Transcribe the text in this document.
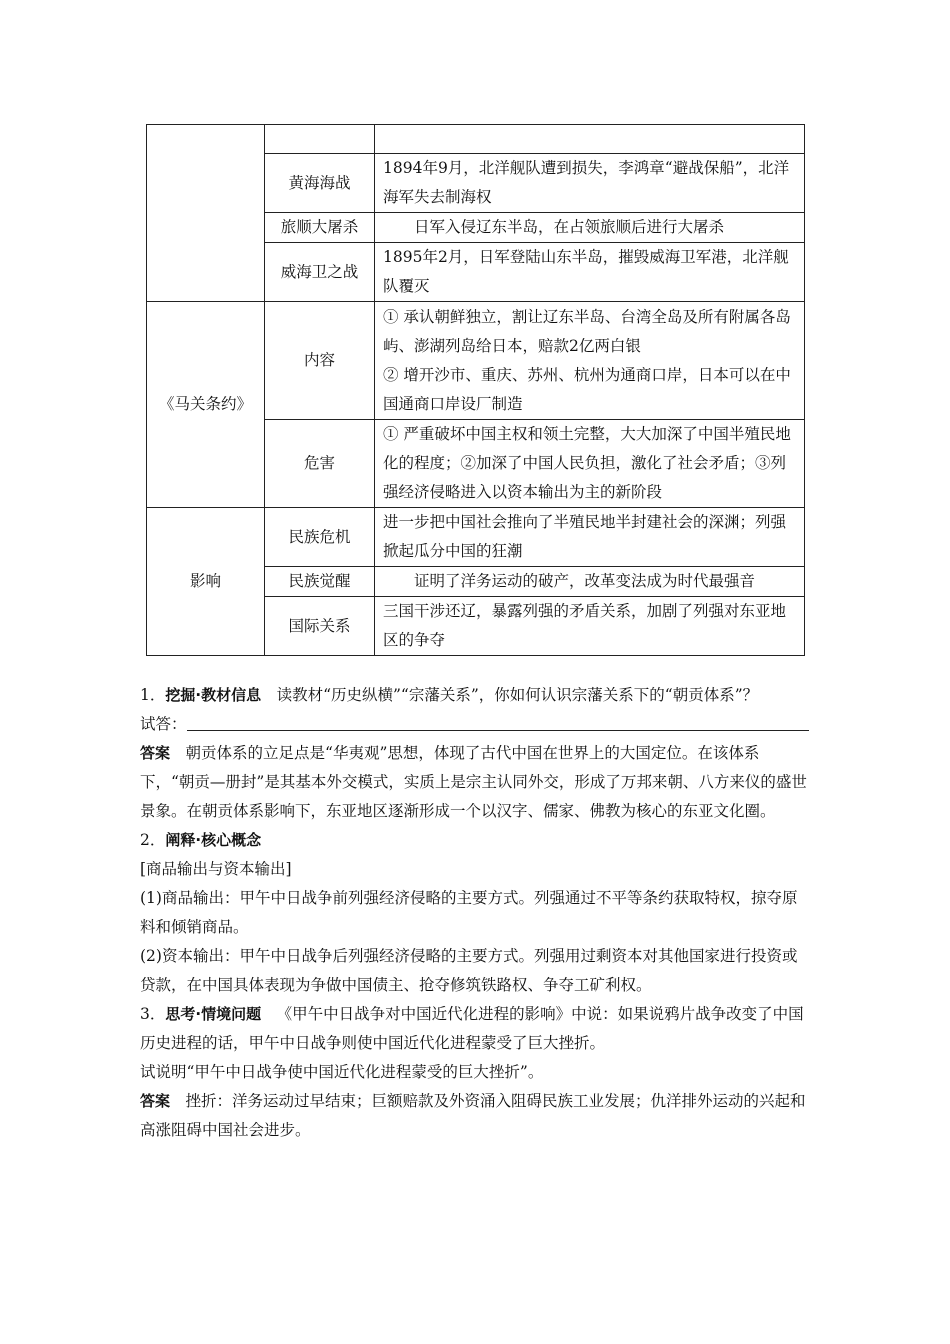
	黄海海战	1894年9月，北洋舰队遭到损失，李鸿章“避战保船”，北洋海军失去制海权
	旅顺大屠杀	日军入侵辽东半岛，在占领旅顺后进行大屠杀
	威海卫之战	1895年2月，日军登陆山东半岛，摧毁威海卫军港，北洋舰队覆灭
《马关条约》	内容	① 承认朝鲜独立，割让辽东半岛、台湾全岛及所有附属各岛屿、澎湖列岛给日本，赔款2亿两白银
② 增开沙市、重庆、苏州、杭州为通商口岸，日本可以在中国通商口岸设厂制造

	危害	① 严重破坏中国主权和领土完整，大大加深了中国半殖民地化的程度；②加深了中国人民负担，激化了社会矛盾；③列强经济侵略进入以资本输出为主的新阶段
影响	民族危机	进一步把中国社会推向了半殖民地半封建社会的深渊；列强掀起瓜分中国的狂潮
	民族觉醒	证明了洋务运动的破产，改革变法成为时代最强音
	国际关系	三国干涉还辽，暴露列强的矛盾关系，加剧了列强对东亚地区的争夺

1．挖掘·教材信息  读教材“历史纵横”“宗藩关系”，你如何认识宗藩关系下的“朝贡体系”？

试答：

答案  朝贡体系的立足点是“华夷观”思想，体现了古代中国在世界上的大国定位。在该体系下，“朝贡—册封”是其基本外交模式，实质上是宗主认同外交，形成了万邦来朝、八方来仪的盛世景象。在朝贡体系影响下，东亚地区逐渐形成一个以汉字、儒家、佛教为核心的东亚文化圈。

2．阐释·核心概念

[商品输出与资本输出]

(1)商品输出：甲午中日战争前列强经济侵略的主要方式。列强通过不平等条约获取特权，掠夺原料和倾销商品。

(2)资本输出：甲午中日战争后列强经济侵略的主要方式。列强用过剩资本对其他国家进行投资或贷款，在中国具体表现为争做中国债主、抢夺修筑铁路权、争夺工矿利权。

3．思考·情境问题  《甲午中日战争对中国近代化进程的影响》中说：如果说鸦片战争改变了中国历史进程的话，甲午中日战争则使中国近代化进程蒙受了巨大挫折。

试说明“甲午中日战争使中国近代化进程蒙受的巨大挫折”。

答案  挫折：洋务运动过早结束；巨额赔款及外资涌入阻碍民族工业发展；仇洋排外运动的兴起和高涨阻碍中国社会进步。
